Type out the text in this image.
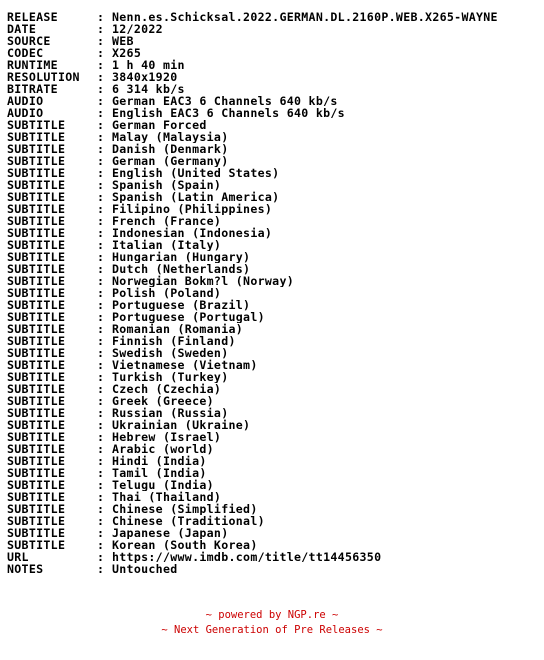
RELEASE	: Nenn.es.Schicksal.2022.GERMAN.DL.2160P.WEB.X265-WAYNE
DATE	: 12/2022
SOURCE	: WEB
CODEC	: X265
RUNTIME	: 1 h 40 min
RESOLUTION	: 3840x1920
BITRATE	: 6 314 kb/s
AUDIO	: German EAC3 6 Channels 640 kb/s
AUDIO	: English EAC3 6 Channels 640 kb/s
SUBTITLE	: German Forced
SUBTITLE	: Malay (Malaysia)
SUBTITLE	: Danish (Denmark)
SUBTITLE	: German (Germany)
SUBTITLE	: English (United States)
SUBTITLE	: Spanish (Spain)
SUBTITLE	: Spanish (Latin America)
SUBTITLE	: Filipino (Philippines)
SUBTITLE	: French (France)
SUBTITLE	: Indonesian (Indonesia)
SUBTITLE	: Italian (Italy)
SUBTITLE	: Hungarian (Hungary)
SUBTITLE	: Dutch (Netherlands)
SUBTITLE	: Norwegian Bokm?l (Norway)
SUBTITLE	: Polish (Poland)
SUBTITLE	: Portuguese (Brazil)
SUBTITLE	: Portuguese (Portugal)
SUBTITLE	: Romanian (Romania)
SUBTITLE	: Finnish (Finland)
SUBTITLE	: Swedish (Sweden)
SUBTITLE	: Vietnamese (Vietnam)
SUBTITLE	: Turkish (Turkey)
SUBTITLE	: Czech (Czechia)
SUBTITLE	: Greek (Greece)
SUBTITLE	: Russian (Russia)
SUBTITLE	: Ukrainian (Ukraine)
SUBTITLE	: Hebrew (Israel)
SUBTITLE	: Arabic (world)
SUBTITLE	: Hindi (India)
SUBTITLE	: Tamil (India)
SUBTITLE	: Telugu (India)
SUBTITLE	: Thai (Thailand)
SUBTITLE	: Chinese (Simplified)
SUBTITLE	: Chinese (Traditional)
SUBTITLE	: Japanese (Japan)
SUBTITLE	: Korean (South Korea)
URL	: https://www.imdb.com/title/tt14456350
NOTES	: Untouched
~ powered by NGP.re ~
~ Next Generation of Pre Releases ~
